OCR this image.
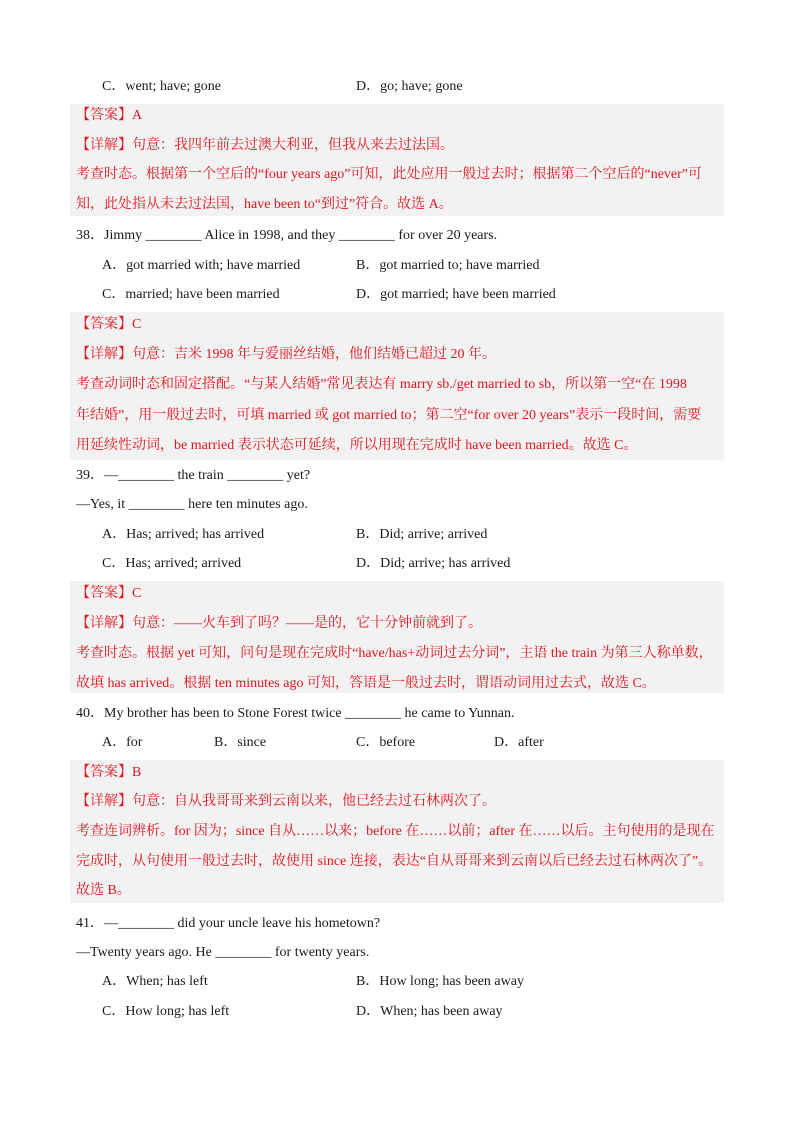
C．went; have; gone	D．go; have; gone
【答案】A
【详解】句意：我四年前去过澳大利亚，但我从来去过法国。
考查时态。根据第一个空后的“four years ago”可知，此处应用一般过去时；根据第二个空后的“never”可
知，此处指从未去过法国，have been to“到过”符合。故选 A。
38．Jimmy ________ Alice in 1998, and they ________ for over 20 years.
A．got married with; have married	B．got married to; have married
C．married; have been married	D．got married; have been married
【答案】C
【详解】句意：吉米 1998 年与爱丽丝结婚，他们结婚已超过 20 年。
考查动词时态和固定搭配。“与某人结婚”常见表达有 marry sb./get married to sb，所以第一空“在 1998
年结婚”，用一般过去时，可填 married 或 got married to；第二空“for over 20 years”表示一段时间，需要
用延续性动词，be married 表示状态可延续，所以用现在完成时 have been married。故选 C。
39．—________ the train ________ yet?
—Yes, it ________ here ten minutes ago.
A．Has; arrived; has arrived	B．Did; arrive; arrived
C．Has; arrived; arrived	D．Did; arrive; has arrived
【答案】C
【详解】句意：——火车到了吗？——是的，它十分钟前就到了。
考查时态。根据 yet 可知，问句是现在完成时“have/has+动词过去分词”，主语 the train 为第三人称单数，
故填 has arrived。根据 ten minutes ago 可知，答语是一般过去时，谓语动词用过去式，故选 C。
40．My brother has been to Stone Forest twice ________ he came to Yunnan.
A．for	B．since	C．before	D．after
【答案】B
【详解】句意：自从我哥哥来到云南以来，他已经去过石林两次了。
考查连词辨析。for 因为；since 自从……以来；before 在……以前；after 在……以后。主句使用的是现在
完成时，从句使用一般过去时，故使用 since 连接，表达“自从哥哥来到云南以后已经去过石林两次了”。
故选 B。
41．—________ did your uncle leave his hometown?
—Twenty years ago. He ________ for twenty years.
A．When; has left	B．How long; has been away
C．How long; has left	D．When; has been away
